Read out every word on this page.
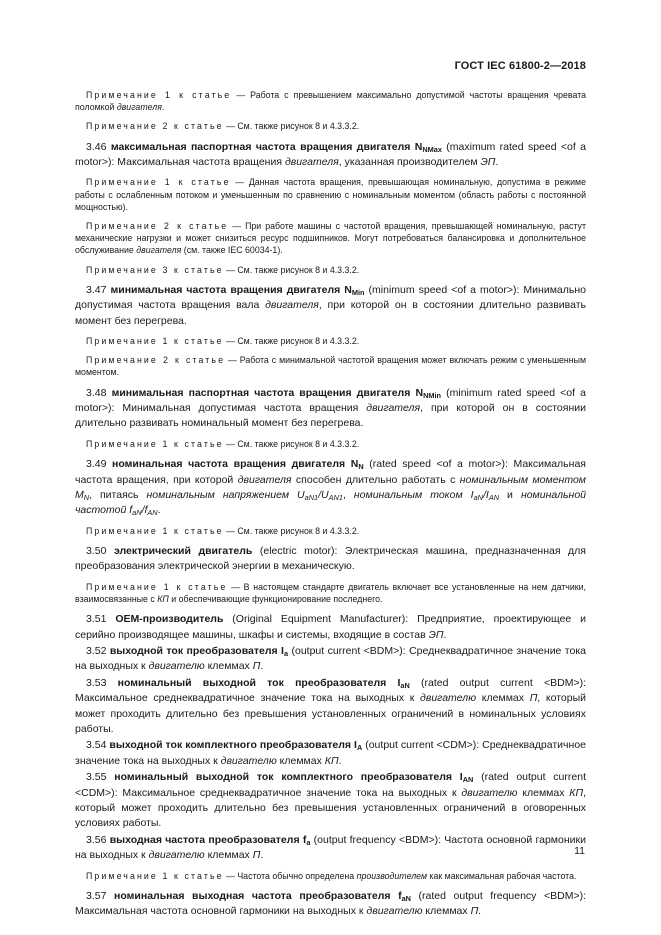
ГОСТ IEC 61800-2—2018

Примечание 1 к статье — Работа с превышением максимально допустимой частоты вращения чревата поломкой двигателя.

Примечание 2 к статье — См. также рисунок 8 и 4.3.3.2.

3.46 максимальная паспортная частота вращения двигателя $N_{NMax}$ (maximum rated speed <of a motor>): Максимальная частота вращения двигателя, указанная производителем ЭП.

Примечание 1 к статье — Данная частота вращения, превышающая номинальную, допустима в режиме работы с ослабленным потоком и уменьшенным по сравнению с номинальным моментом (область работы с постоянной мощностью).

Примечание 2 к статье — При работе машины с частотой вращения, превышающей номинальную, растут механические нагрузки и может снизиться ресурс подшипников. Могут потребоваться балансировка и дополнительное обслуживание двигателя (см. также IEC 60034-1).

Примечание 3 к статье — См. также рисунок 8 и 4.3.3.2.

3.47 минимальная частота вращения двигателя $N_{Min}$ (minimum speed <of a motor>): Минимально допустимая частота вращения вала двигателя, при которой он в состоянии длительно развивать момент без перегрева.

Примечание 1 к статье — См. также рисунок 8 и 4.3.3.2.

Примечание 2 к статье — Работа с минимальной частотой вращения может включать режим с уменьшенным моментом.

3.48 минимальная паспортная частота вращения двигателя $N_{NMin}$ (minimum rated speed <of a motor>): Минимальная допустимая частота вращения двигателя, при которой он в состоянии длительно развивать номинальный момент без перегрева.

Примечание 1 к статье — См. также рисунок 8 и 4.3.3.2.

3.49 номинальная частота вращения двигателя $N_N$ (rated speed <of a motor>): Максимальная частота вращения, при которой двигателя способен длительно работать с номинальным моментом $M_N$, питаясь номинальным напряжением $U_{aN1}/U_{AN1}$, номинальным током $I_{aN}/I_{AN}$ и номинальной частотой $f_{aN}/f_{AN}$.

Примечание 1 к статье — См. также рисунок 8 и 4.3.3.2.

3.50 электрический двигатель (electric motor): Электрическая машина, предназначенная для преобразования электрической энергии в механическую.

Примечание 1 к статье — В настоящем стандарте двигатель включает все установленные на нем датчики, взаимосвязанные с КП и обеспечивающие функционирование последнего.

3.51 OEM-производитель (Original Equipment Manufacturer): Предприятие, проектирующее и серийно производящее машины, шкафы и системы, входящие в состав ЭП.

3.52 выходной ток преобразователя $I_a$ (output current <BDM>): Среднеквадратичное значение тока на выходных к двигателю клеммах П.

3.53 номинальный выходной ток преобразователя $I_{aN}$ (rated output current <BDM>): Максимальное среднеквадратичное значение тока на выходных к двигателю клеммах П, который может проходить длительно без превышения установленных ограничений в номинальных условиях работы.

3.54 выходной ток комплектного преобразователя $I_A$ (output current <CDM>): Среднеквадратичное значение тока на выходных к двигателю клеммах КП.

3.55 номинальный выходной ток комплектного преобразователя $I_{AN}$ (rated output current <CDM>): Максимальное среднеквадратичное значение тока на выходных к двигателю клеммах КП, который может проходить длительно без превышения установленных ограничений в оговоренных условиях работы.

3.56 выходная частота преобразователя $f_a$ (output frequency <BDM>): Частота основной гармоники на выходных к двигателю клеммах П.

Примечание 1 к статье — Частота обычно определена производителем как максимальная рабочая частота.

3.57 номинальная выходная частота преобразователя $f_{aN}$ (rated output frequency <BDM>): Максимальная частота основной гармоники на выходных к двигателю клеммах П.

11
